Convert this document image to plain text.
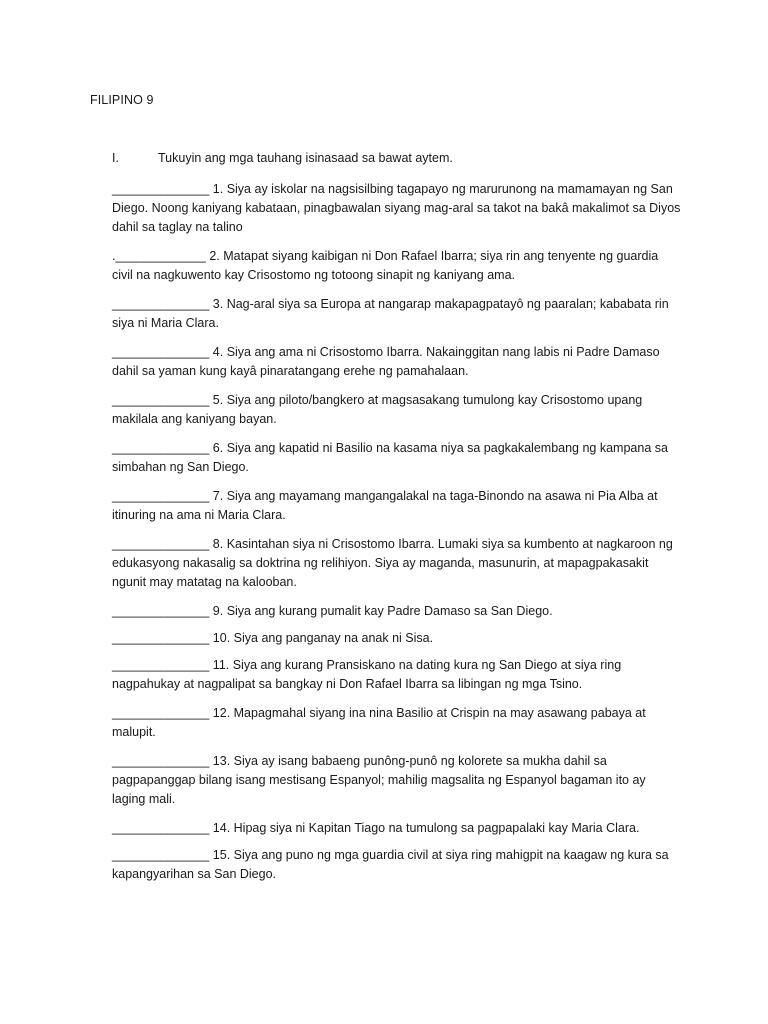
FILIPINO 9
I.	Tukuyin ang mga tauhang isinasaad sa bawat aytem.

______________ 1. Siya ay iskolar na nagsisilbing tagapayo ng marurunong na mamamayan ng San Diego. Noong kaniyang kabataan, pinagbawalan siyang mag-aral sa takot na bakâ makalimot sa Diyos dahil sa taglay na talino

._____________ 2. Matapat siyang kaibigan ni Don Rafael Ibarra; siya rin ang tenyente ng guardia civil na nagkuwento kay Crisostomo ng totoong sinapit ng kaniyang ama.

______________ 3. Nag-aral siya sa Europa at nangarap makapagpatayô ng paaralan; kababata rin siya ni Maria Clara.

______________ 4. Siya ang ama ni Crisostomo Ibarra. Nakainggitan nang labis ni Padre Damaso dahil sa yaman kung kayâ pinaratangang erehe ng pamahalaan.

______________ 5. Siya ang piloto/bangkero at magsasakang tumulong kay Crisostomo upang makilala ang kaniyang bayan.

______________ 6. Siya ang kapatid ni Basilio na kasama niya sa pagkakalembang ng kampana sa simbahan ng San Diego.

______________ 7. Siya ang mayamang mangangalakal na taga-Binondo na asawa ni Pia Alba at itinuring na ama ni Maria Clara.

______________ 8. Kasintahan siya ni Crisostomo Ibarra. Lumaki siya sa kumbento at nagkaroon ng edukasyong nakasalig sa doktrina ng relihiyon. Siya ay maganda, masunurin, at mapagpakasakit ngunit may matatag na kalooban.

______________ 9. Siya ang kurang pumalit kay Padre Damaso sa San Diego.

______________ 10. Siya ang panganay na anak ni Sisa.

______________ 11. Siya ang kurang Pransiskano na dating kura ng San Diego at siya ring nagpahukay at nagpalipat sa bangkay ni Don Rafael Ibarra sa libingan ng mga Tsino.

______________ 12. Mapagmahal siyang ina nina Basilio at Crispin na may asawang pabaya at malupit.

______________ 13. Siya ay isang babaeng punông-punô ng kolorete sa mukha dahil sa pagpapanggap bilang isang mestisang Espanyol; mahilig magsalita ng Espanyol bagaman ito ay laging mali.

______________ 14. Hipag siya ni Kapitan Tiago na tumulong sa pagpapalaki kay Maria Clara.

______________ 15. Siya ang puno ng mga guardia civil at siya ring mahigpit na kaagaw ng kura sa kapangyarihan sa San Diego.
